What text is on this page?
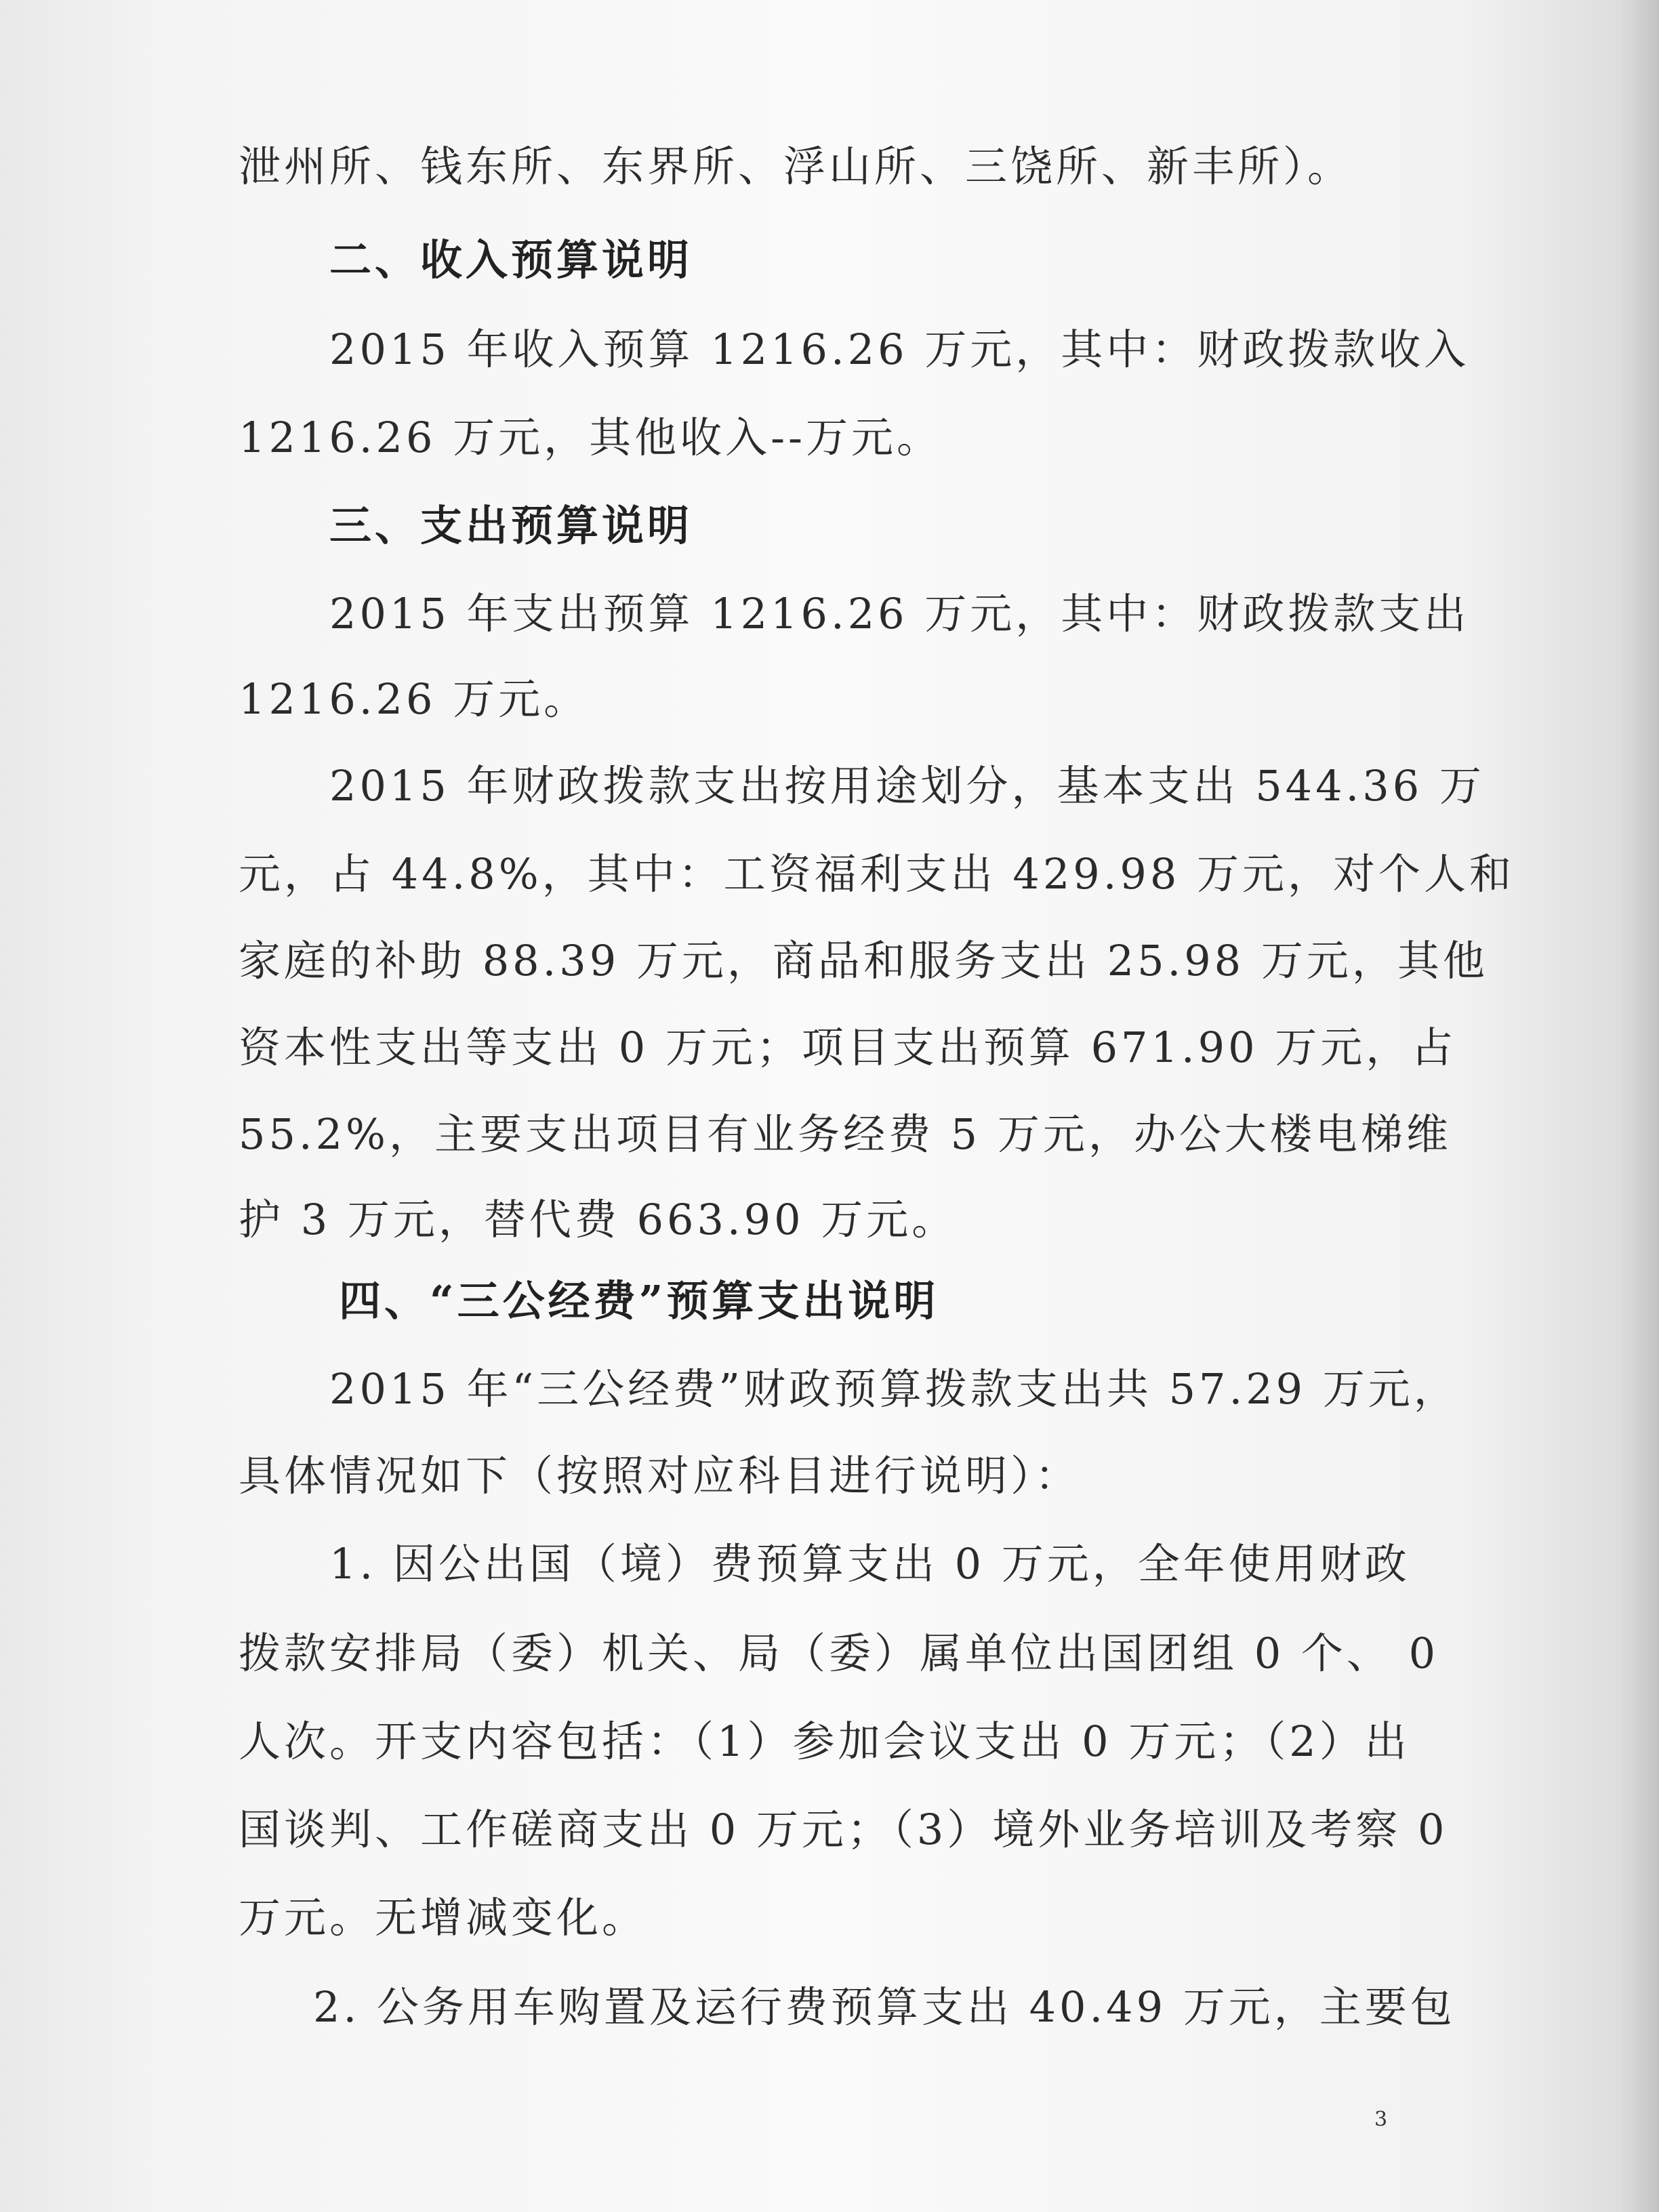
泄州所、钱东所、东界所、浮山所、三饶所、新丰所）。
二、收入预算说明
2015 年收入预算 1216.26 万元，其中：财政拨款收入
1216.26 万元，其他收入--万元。
三、支出预算说明
2015 年支出预算 1216.26 万元，其中：财政拨款支出
1216.26 万元。
2015 年财政拨款支出按用途划分，基本支出 544.36 万
元，占 44.8%，其中：工资福利支出 429.98 万元，对个人和
家庭的补助 88.39 万元，商品和服务支出 25.98 万元，其他
资本性支出等支出 0 万元；项目支出预算 671.90 万元，占
55.2%，主要支出项目有业务经费 5 万元，办公大楼电梯维
护 3 万元，替代费 663.90 万元。
四、“三公经费”预算支出说明
2015 年“三公经费”财政预算拨款支出共 57.29 万元，
具体情况如下（按照对应科目进行说明）：
1. 因公出国（境）费预算支出 0 万元，全年使用财政
拨款安排局（委）机关、局（委）属单位出国团组 0 个、 0
人次。开支内容包括：（1）参加会议支出 0 万元；（2）出
国谈判、工作磋商支出 0 万元；（3）境外业务培训及考察 0
万元。无增减变化。
2. 公务用车购置及运行费预算支出 40.49 万元，主要包
3
